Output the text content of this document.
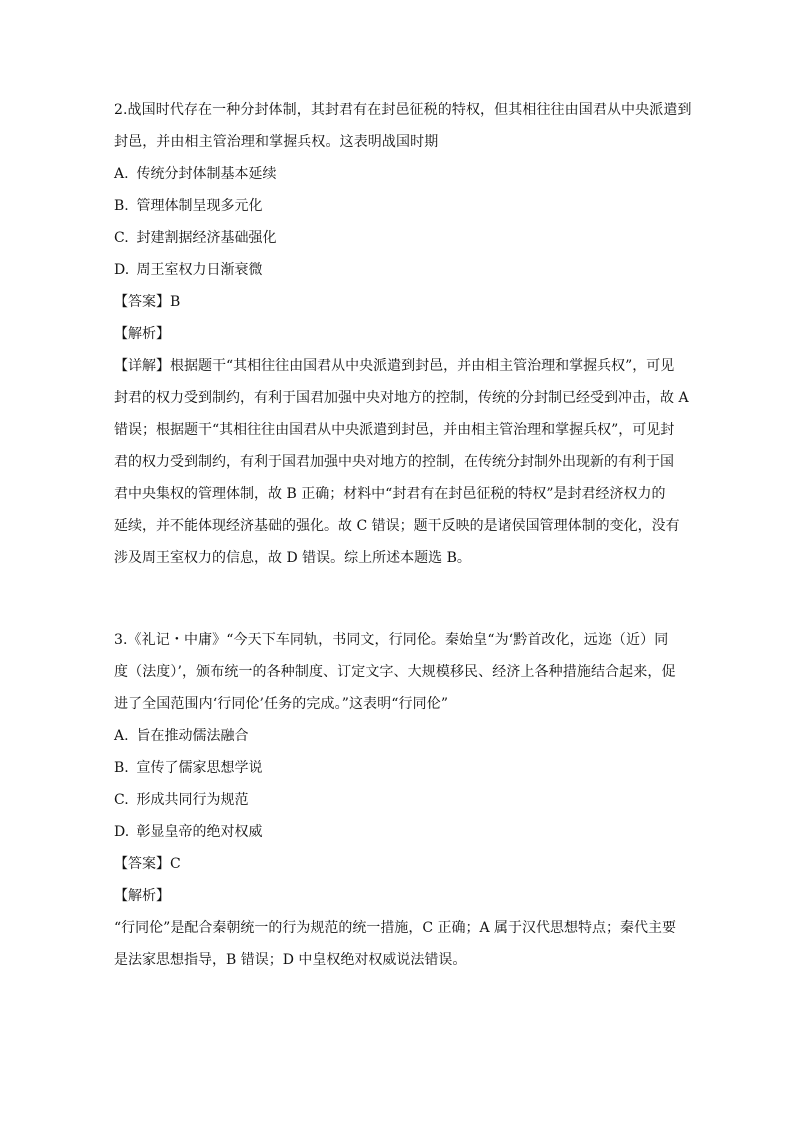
2.战国时代存在一种分封体制，其封君有在封邑征税的特权，但其相往往由国君从中央派遣到
封邑，并由相主管治理和掌握兵权。这表明战国时期
A. 传统分封体制基本延续
B. 管理体制呈现多元化
C. 封建割据经济基础强化
D. 周王室权力日渐衰微
【答案】B
【解析】
【详解】根据题干“其相往往由国君从中央派遣到封邑，并由相主管治理和掌握兵权”，可见
封君的权力受到制约，有利于国君加强中央对地方的控制，传统的分封制已经受到冲击，故 A
错误；根据题干“其相往往由国君从中央派遣到封邑，并由相主管治理和掌握兵权”，可见封
君的权力受到制约，有利于国君加强中央对地方的控制，在传统分封制外出现新的有利于国
君中央集权的管理体制，故 B 正确；材料中“封君有在封邑征税的特权”是封君经济权力的
延续，并不能体现经济基础的强化。故 C 错误；题干反映的是诸侯国管理体制的变化，没有
涉及周王室权力的信息，故 D 错误。综上所述本题选 B。
3.《礼记・中庸》“今天下车同轨，书同文，行同伦。秦始皇“为‘黔首改化，远迩（近）同
度（法度）’，颁布统一的各种制度、订定文字、大规模移民、经济上各种措施结合起来，促
进了全国范围内‘行同伦’任务的完成。”这表明“行同伦”
A. 旨在推动儒法融合
B. 宣传了儒家思想学说
C. 形成共同行为规范
D. 彰显皇帝的绝对权威
【答案】C
【解析】
“行同伦”是配合秦朝统一的行为规范的统一措施，C 正确；A 属于汉代思想特点；秦代主要
是法家思想指导，B 错误；D 中皇权绝对权威说法错误。
